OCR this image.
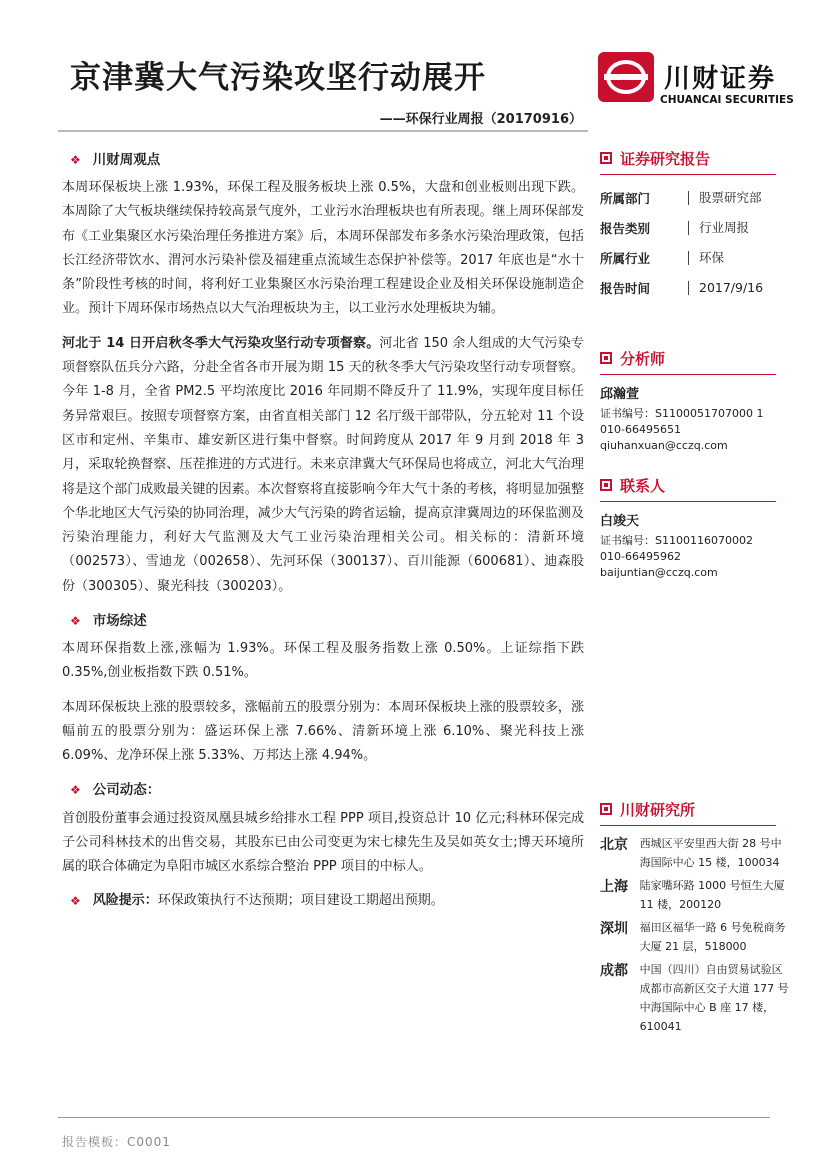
京津冀大气污染攻坚行动展开
——环保行业周报（20170916）
川财证券
CHUANCAI SECURITIES
❖ 川财周观点
本周环保板块上涨 1.93%，环保工程及服务板块上涨 0.5%，大盘和创业板则出现下跌。本周除了大气板块继续保持较高景气度外，工业污水治理板块也有所表现。继上周环保部发布《工业集聚区水污染治理任务推进方案》后，本周环保部发布多条水污染治理政策，包括长江经济带饮水、渭河水污染补偿及福建重点流域生态保护补偿等。2017 年底也是“水十条”阶段性考核的时间，将利好工业集聚区水污染治理工程建设企业及相关环保设施制造企业。预计下周环保市场热点以大气治理板块为主，以工业污水处理板块为辅。
河北于 14 日开启秋冬季大气污染攻坚行动专项督察。河北省 150 余人组成的大气污染专项督察队伍兵分六路，分赴全省各市开展为期 15 天的秋冬季大气污染攻坚行动专项督察。今年 1-8 月，全省 PM2.5 平均浓度比 2016 年同期不降反升了 11.9%，实现年度目标任务异常艰巨。按照专项督察方案，由省直相关部门 12 名厅级干部带队，分五轮对 11 个设区市和定州、辛集市、雄安新区进行集中督察。时间跨度从 2017 年 9 月到 2018 年 3 月，采取轮换督察、压茬推进的方式进行。未来京津冀大气环保局也将成立，河北大气治理将是这个部门成败最关键的因素。本次督察将直接影响今年大气十条的考核，将明显加强整个华北地区大气污染的协同治理，减少大气污染的跨省运输，提高京津冀周边的环保监测及污染治理能力，利好大气监测及大气工业污染治理相关公司。相关标的：清新环境（002573）、雪迪龙（002658）、先河环保（300137）、百川能源（600681）、迪森股份（300305）、聚光科技（300203）。
❖ 市场综述
本周环保指数上涨,涨幅为 1.93%。环保工程及服务指数上涨 0.50%。上证综指下跌 0.35%,创业板指数下跌 0.51%。
本周环保板块上涨的股票较多，涨幅前五的股票分别为：本周环保板块上涨的股票较多，涨幅前五的股票分别为：盛运环保上涨 7.66%、清新环境上涨 6.10%、聚光科技上涨 6.09%、龙净环保上涨 5.33%、万邦达上涨 4.94%。
❖ 公司动态：
首创股份董事会通过投资凤凰县城乡给排水工程 PPP 项目,投资总计 10 亿元;科林环保完成子公司科林技术的出售交易，其股东已由公司变更为宋七棣先生及吴如英女士;博天环境所属的联合体确定为阜阳市城区水系综合整治 PPP 项目的中标人。
❖ 风险提示： 环保政策执行不达预期；项目建设工期超出预期。
证券研究报告
所属部门	股票研究部
报告类别	行业周报
所属行业	环保
报告时间	2017/9/16
分析师
邱瀚萱
证书编号：S1100051707000 1
010-66495651
qiuhanxuan@cczq.com
联系人
白竣天
证书编号：S1100116070002
010-66495962
baijuntian@cczq.com
川财研究所
北京	西城区平安里西大街 28 号中海国际中心 15 楼，100034
上海	陆家嘴环路 1000 号恒生大厦 11 楼，200120
深圳	福田区福华一路 6 号免税商务大厦 21 层，518000
成都	中国（四川）自由贸易试验区成都市高新区交子大道 177 号中海国际中心 B 座 17 楼，610041
报告模板：C0001
